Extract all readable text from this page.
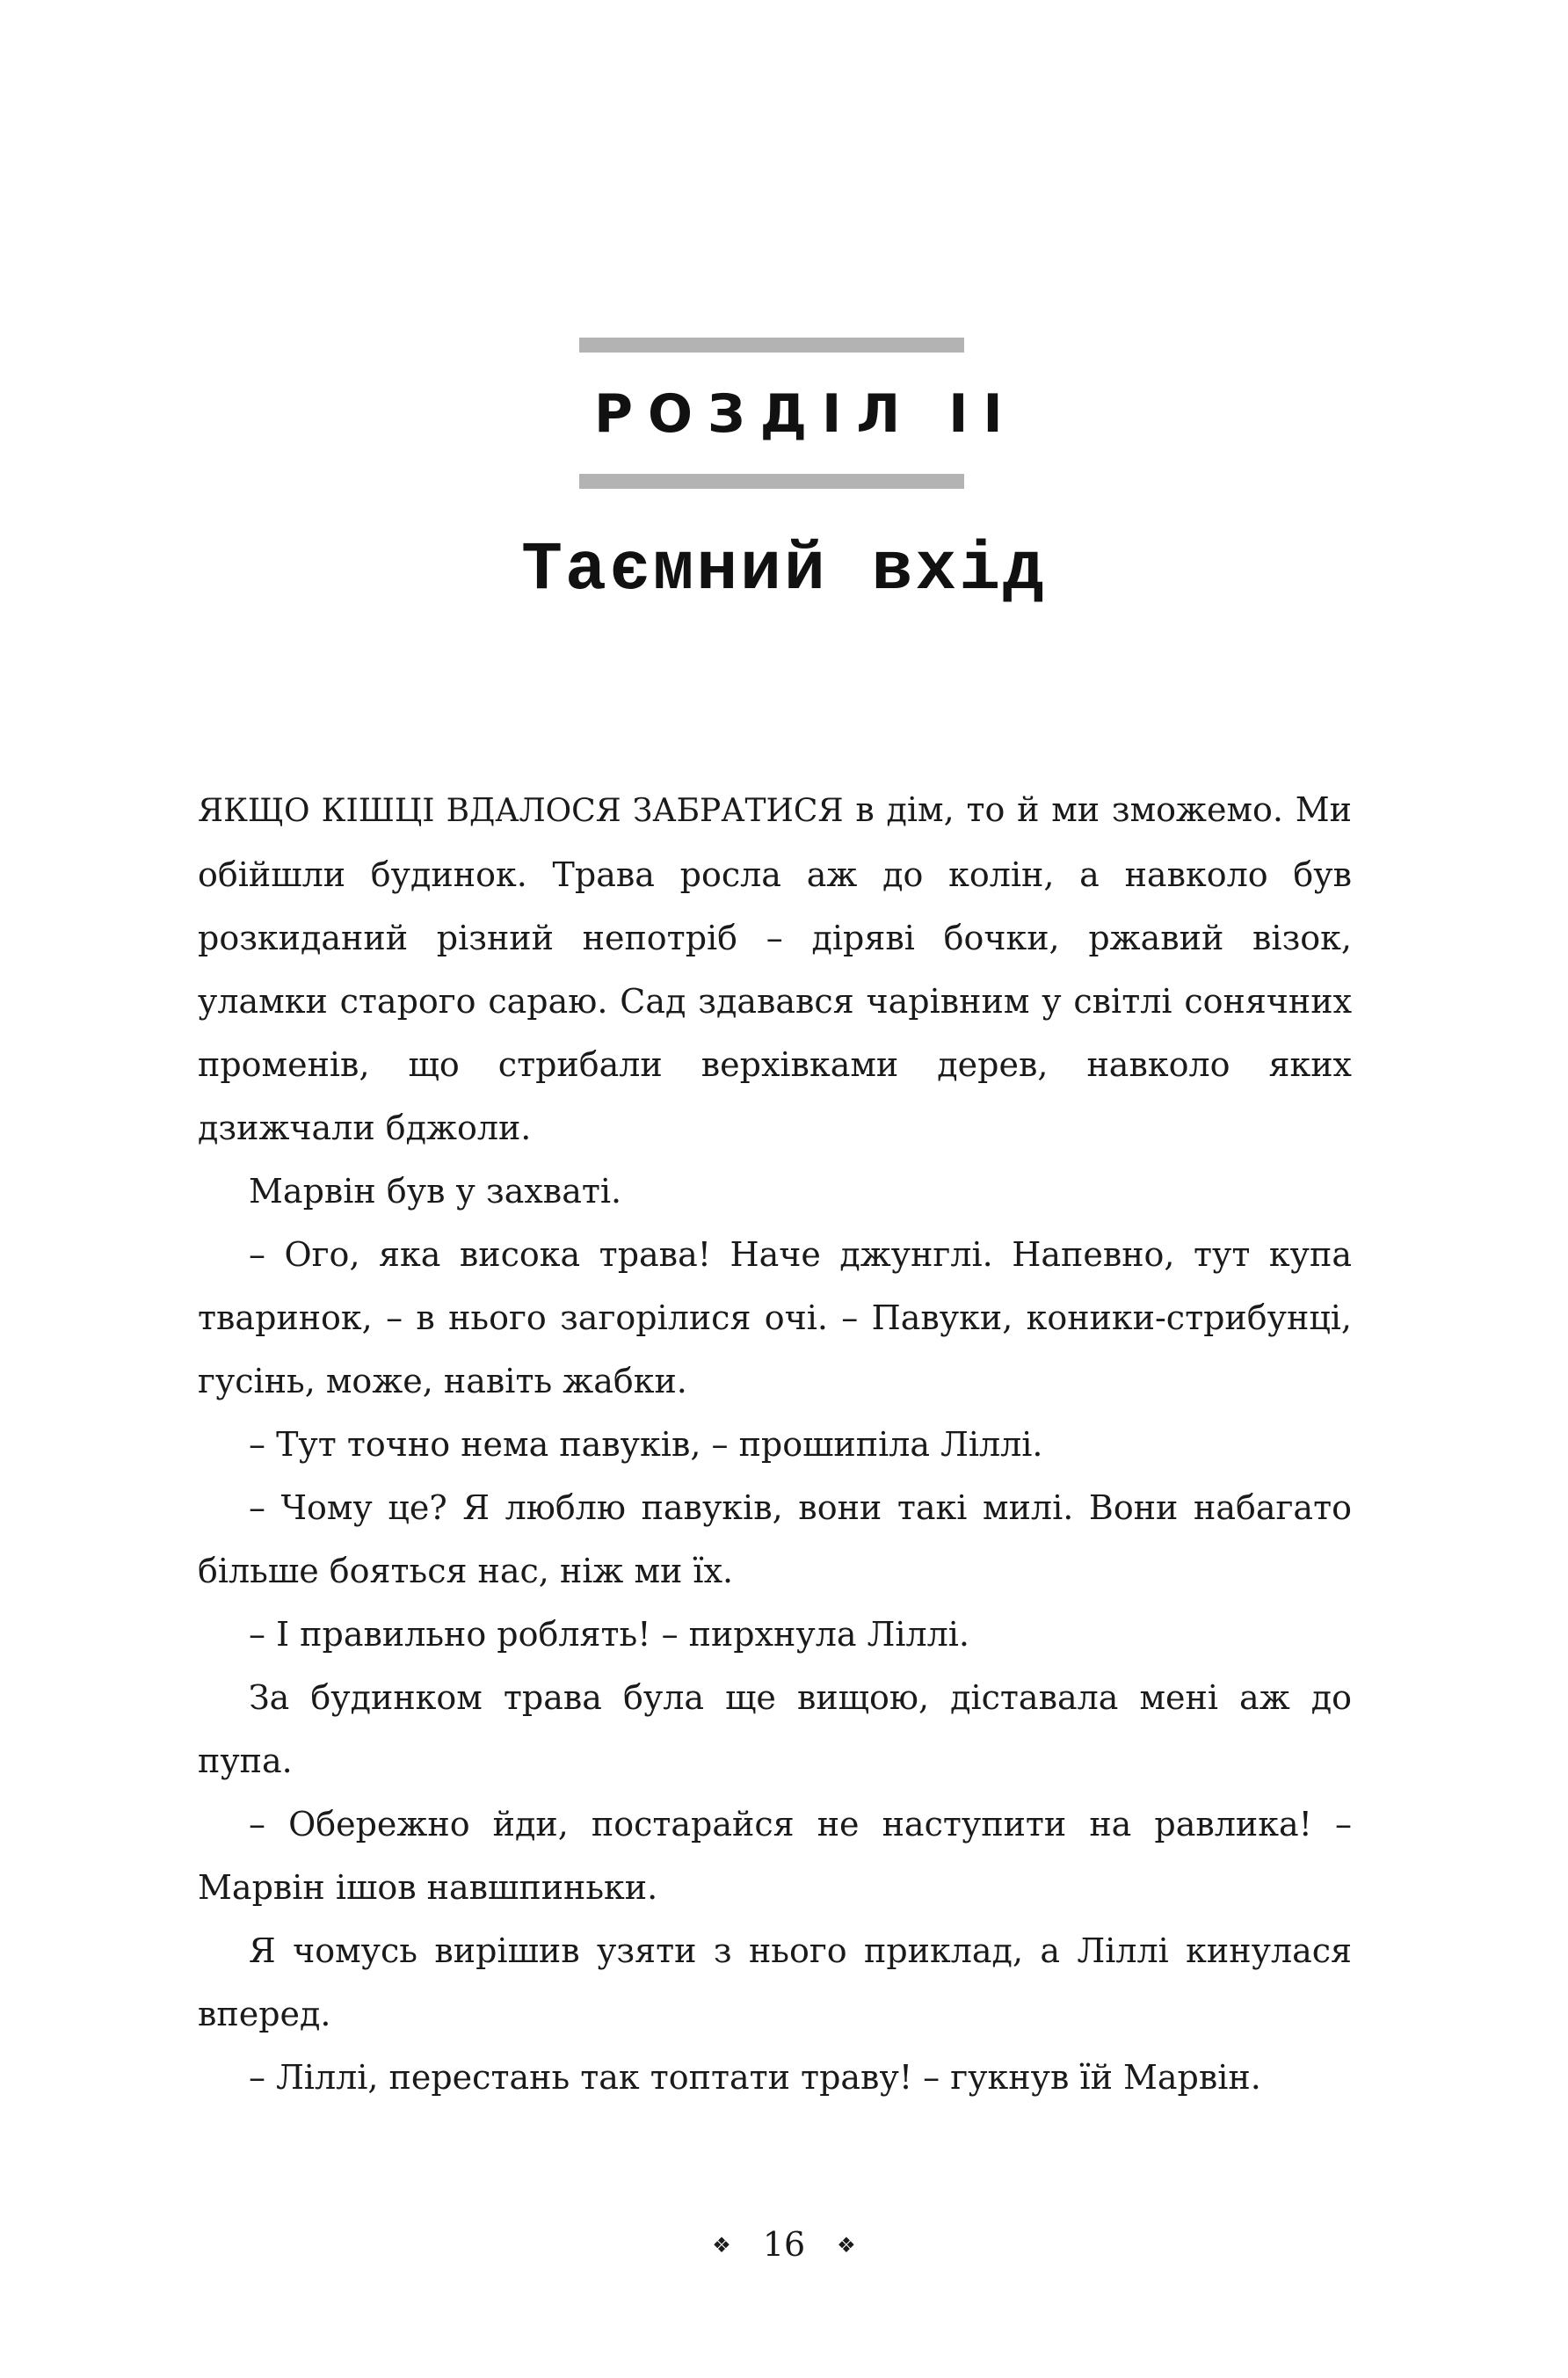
РОЗДІЛ II
Таємний вхід

ЯКЩО КІШЦІ ВДАЛОСЯ ЗАБРАТИСЯ в дім, то й ми зможемо. Ми обійшли будинок. Трава росла аж до колін, а навколо був розкиданий різний непотріб – діряві бочки, ржавий візок, уламки старого сараю. Сад здавався чарівним у світлі сонячних променів, що стрибали верхівками дерев, навколо яких дзижчали бджоли.

Марвін був у захваті.

– Ого, яка висока трава! Наче джунглі. Напевно, тут купа тваринок, – в нього загорілися очі. – Павуки, коники-стрибунці, гусінь, може, навіть жабки.

– Тут точно нема павуків, – прошипіла Ліллі.

– Чому це? Я люблю павуків, вони такі милі. Вони набагато більше бояться нас, ніж ми їх.

– І правильно роблять! – пирхнула Ліллі.

За будинком трава була ще вищою, діставала мені аж до пупа.

– Обережно йди, постарайся не наступити на равлика! – Марвін ішов навшпиньки.

Я чомусь вирішив узяти з нього приклад, а Ліллі кинулася вперед.

– Ліллі, перестань так топтати траву! – гукнув їй Марвін.

❖ 16 ❖
